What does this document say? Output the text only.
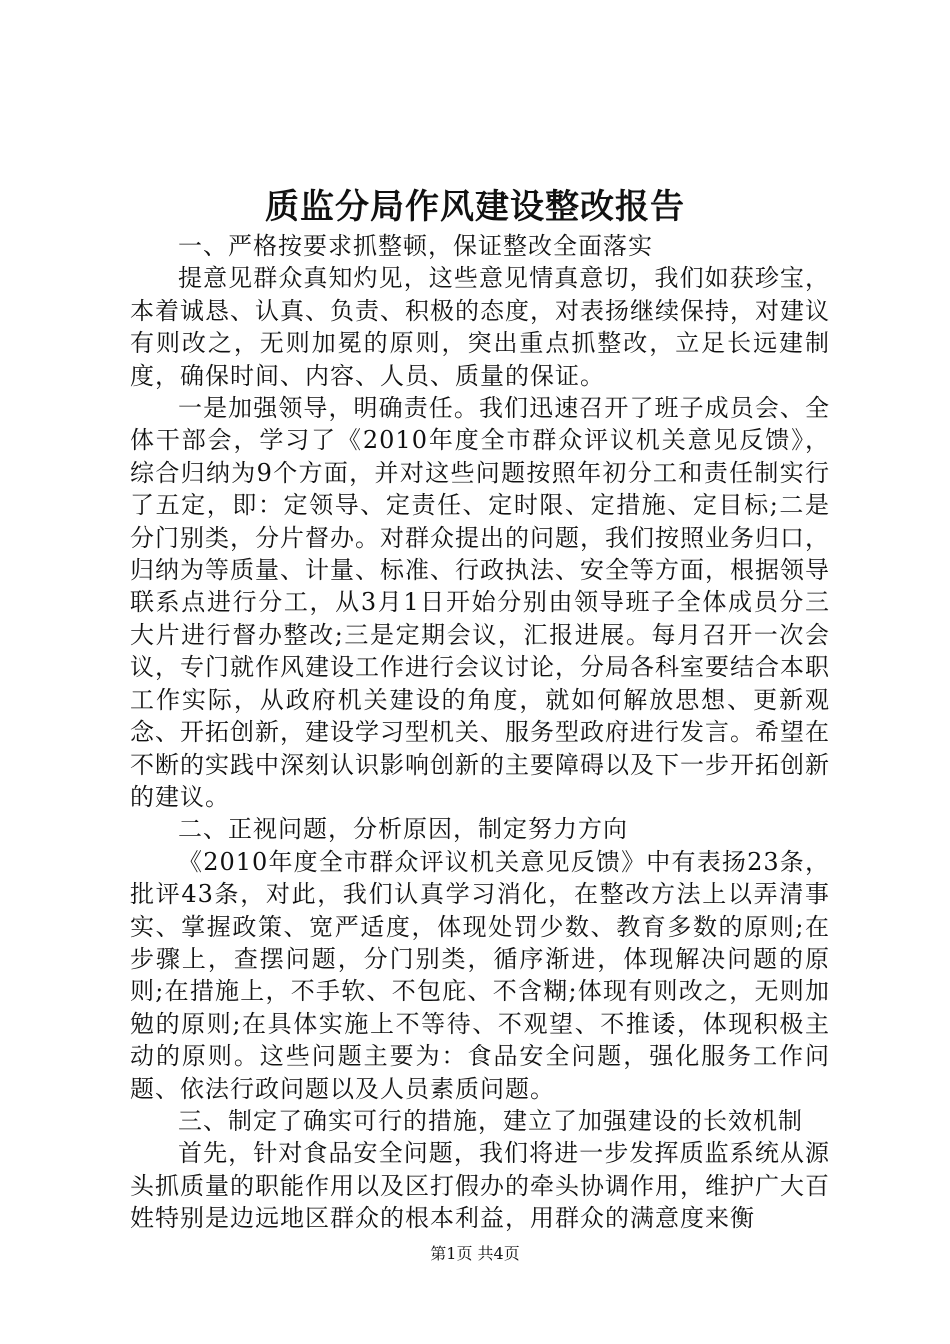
质监分局作风建设整改报告

一、严格按要求抓整顿，保证整改全面落实

提意见群众真知灼见，这些意见情真意切，我们如获珍宝，本着诚恳、认真、负责、积极的态度，对表扬继续保持，对建议有则改之，无则加冕的原则，突出重点抓整改，立足长远建制度，确保时间、内容、人员、质量的保证。

一是加强领导，明确责任。我们迅速召开了班子成员会、全体干部会，学习了《2010年度全市群众评议机关意见反馈》，综合归纳为9个方面，并对这些问题按照年初分工和责任制实行了五定，即：定领导、定责任、定时限、定措施、定目标;二是分门别类，分片督办。对群众提出的问题，我们按照业务归口，归纳为等质量、计量、标准、行政执法、安全等方面，根据领导联系点进行分工，从3月1日开始分别由领导班子全体成员分三大片进行督办整改;三是定期会议，汇报进展。每月召开一次会议，专门就作风建设工作进行会议讨论，分局各科室要结合本职工作实际，从政府机关建设的角度，就如何解放思想、更新观念、开拓创新，建设学习型机关、服务型政府进行发言。希望在不断的实践中深刻认识影响创新的主要障碍以及下一步开拓创新的建议。

二、正视问题，分析原因，制定努力方向

《2010年度全市群众评议机关意见反馈》中有表扬23条，批评43条，对此，我们认真学习消化，在整改方法上以弄清事实、掌握政策、宽严适度，体现处罚少数、教育多数的原则;在步骤上，查摆问题，分门别类，循序渐进，体现解决问题的原则;在措施上，不手软、不包庇、不含糊;体现有则改之，无则加勉的原则;在具体实施上不等待、不观望、不推诿，体现积极主动的原则。这些问题主要为：食品安全问题，强化服务工作问题、依法行政问题以及人员素质问题。

三、制定了确实可行的措施，建立了加强建设的长效机制

首先，针对食品安全问题，我们将进一步发挥质监系统从源头抓质量的职能作用以及区打假办的牵头协调作用，维护广大百姓特别是边远地区群众的根本利益，用群众的满意度来衡

第1页 共4页
